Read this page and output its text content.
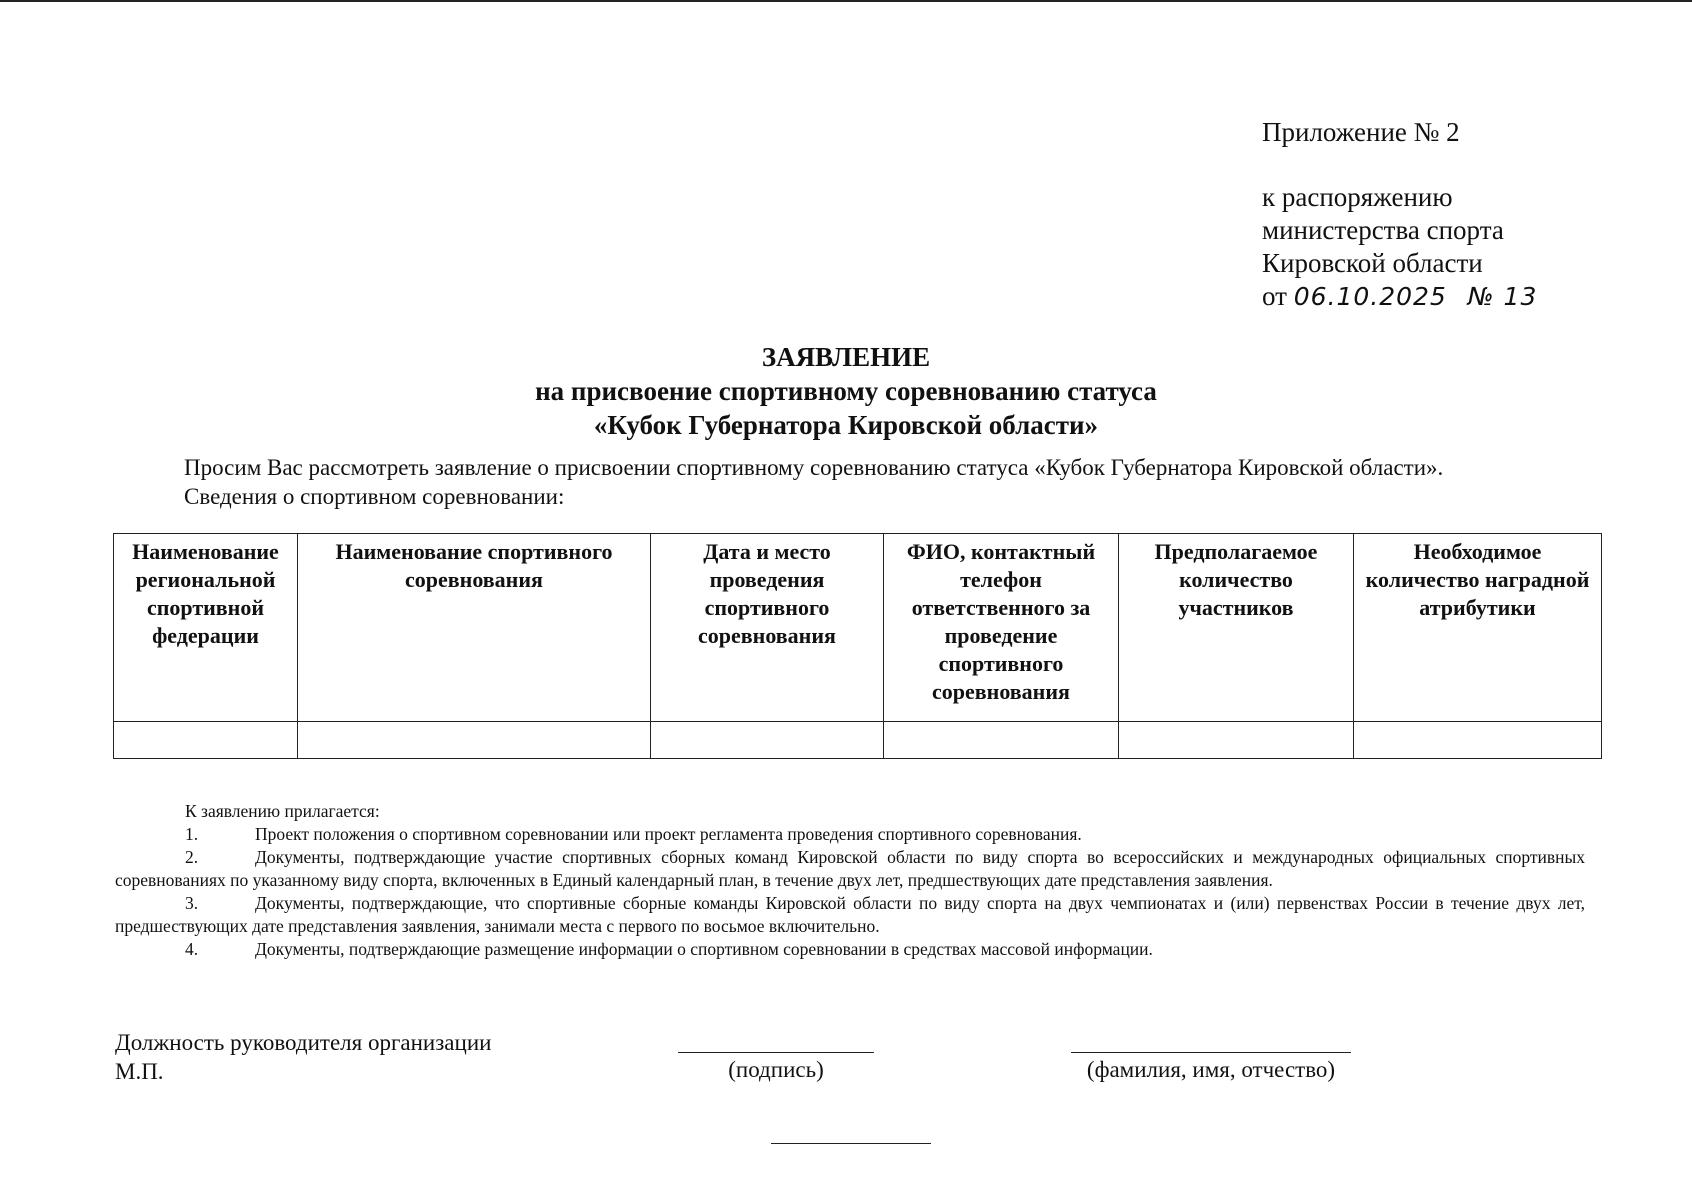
Приложение № 2
к распоряжению
министерства спорта
Кировской области
от 06.10.2025 № 13
ЗАЯВЛЕНИЕ
на присвоение спортивному соревнованию статуса
«Кубок Губернатора Кировской области»
Просим Вас рассмотреть заявление о присвоении спортивному соревнованию статуса «Кубок Губернатора Кировской области».
Сведения о спортивном соревновании:
Наименование региональной спортивной федерации	Наименование спортивного соревнования	Дата и место проведения спортивного соревнования	ФИО, контактный телефон ответственного за проведение спортивного соревнования	Предполагаемое количество участников	Необходимое количество наградной атрибутики

К заявлению прилагается:
1.	Проект положения о спортивном соревновании или проект регламента проведения спортивного соревнования.
2.	Документы, подтверждающие участие спортивных сборных команд Кировской области по виду спорта во всероссийских и международных официальных спортивных соревнованиях по указанному виду спорта, включенных в Единый календарный план, в течение двух лет, предшествующих дате представления заявления.
3.	Документы, подтверждающие, что спортивные сборные команды Кировской области по виду спорта на двух чемпионатах и (или) первенствах России в течение двух лет, предшествующих дате представления заявления, занимали места с первого по восьмое включительно.
4.	Документы, подтверждающие размещение информации о спортивном соревновании в средствах массовой информации.
Должность руководителя организации
М.П.	(подпись)	(фамилия, имя, отчество)
